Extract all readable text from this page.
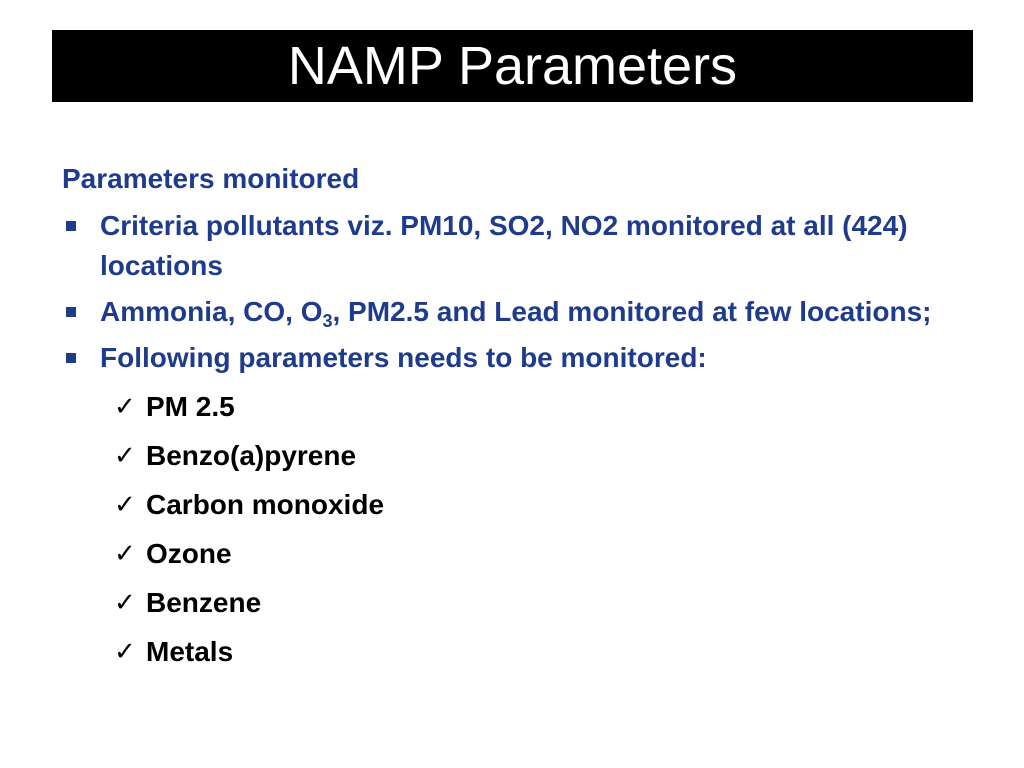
NAMP Parameters
Parameters monitored
Criteria pollutants viz. PM10, SO2, NO2 monitored at all (424) locations
Ammonia, CO, $O_3$, PM2.5 and Lead monitored at few locations;
Following parameters needs to be monitored:
✓ PM 2.5
✓ Benzo(a)pyrene
✓ Carbon monoxide
✓ Ozone
✓ Benzene
✓ Metals
